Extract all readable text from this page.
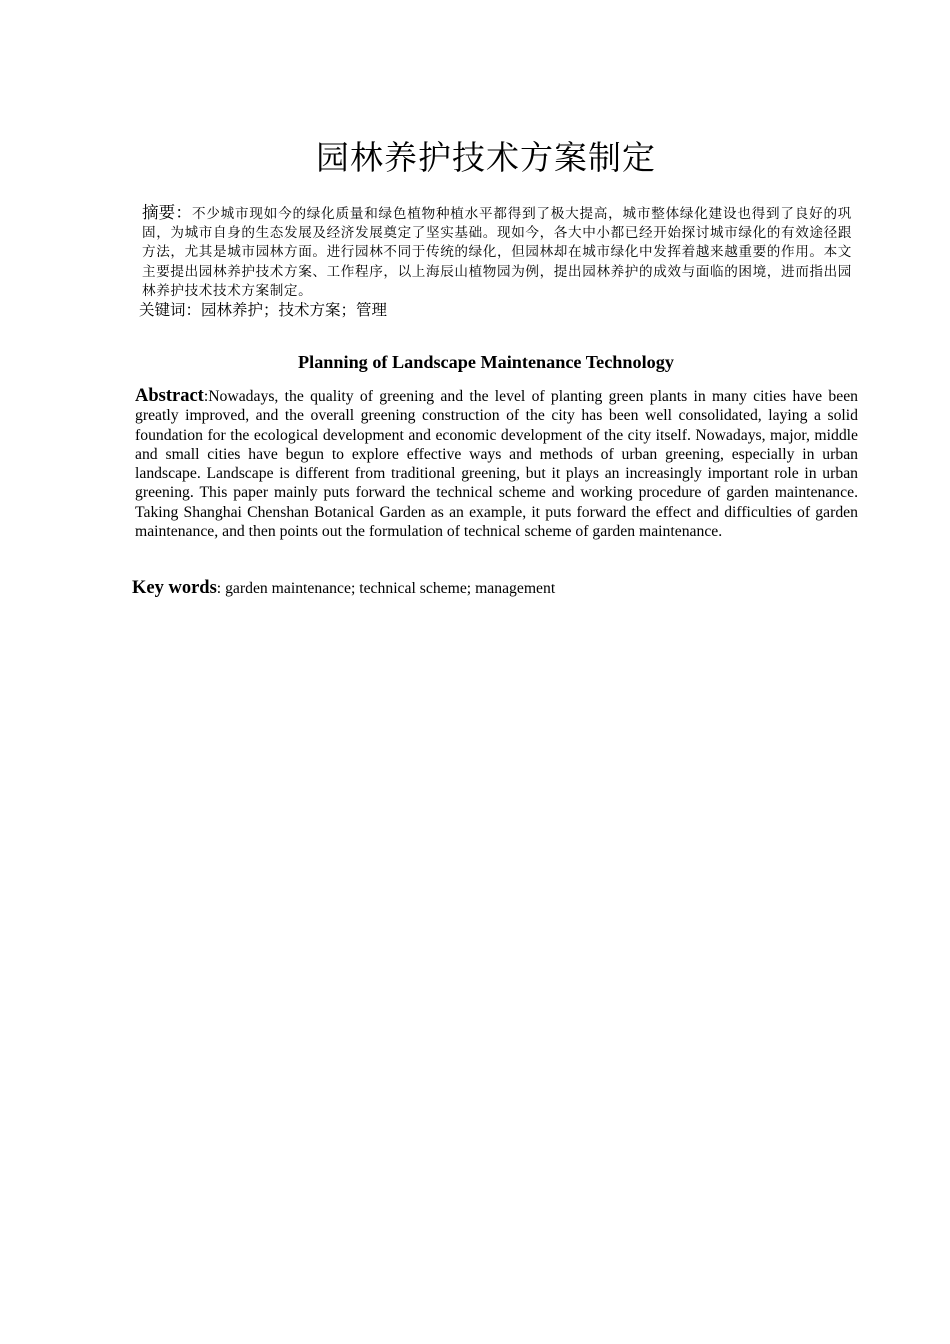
园林养护技术方案制定
摘要：不少城市现如今的绿化质量和绿色植物种植水平都得到了极大提高，城市整体绿化建设也得到了良好的巩固，为城市自身的生态发展及经济发展奠定了坚实基础。现如今，各大中小都已经开始探讨城市绿化的有效途径跟方法，尤其是城市园林方面。进行园林不同于传统的绿化，但园林却在城市绿化中发挥着越来越重要的作用。本文主要提出园林养护技术方案、工作程序，以上海辰山植物园为例，提出园林养护的成效与面临的困境，进而指出园林养护技术技术方案制定。
关键词：园林养护；技术方案；管理
Planning of Landscape Maintenance Technology
Abstract:Nowadays, the quality of greening and the level of planting green plants in many cities have been greatly improved, and the overall greening construction of the city has been well consolidated, laying a solid foundation for the ecological development and economic development of the city itself. Nowadays, major, middle and small cities have begun to explore effective ways and methods of urban greening, especially in urban landscape. Landscape is different from traditional greening, but it plays an increasingly important role in urban greening. This paper mainly puts forward the technical scheme and working procedure of garden maintenance. Taking Shanghai Chenshan Botanical Garden as an example, it puts forward the effect and difficulties of garden maintenance, and then points out the formulation of technical scheme of garden maintenance.
Key words: garden maintenance; technical scheme; management
